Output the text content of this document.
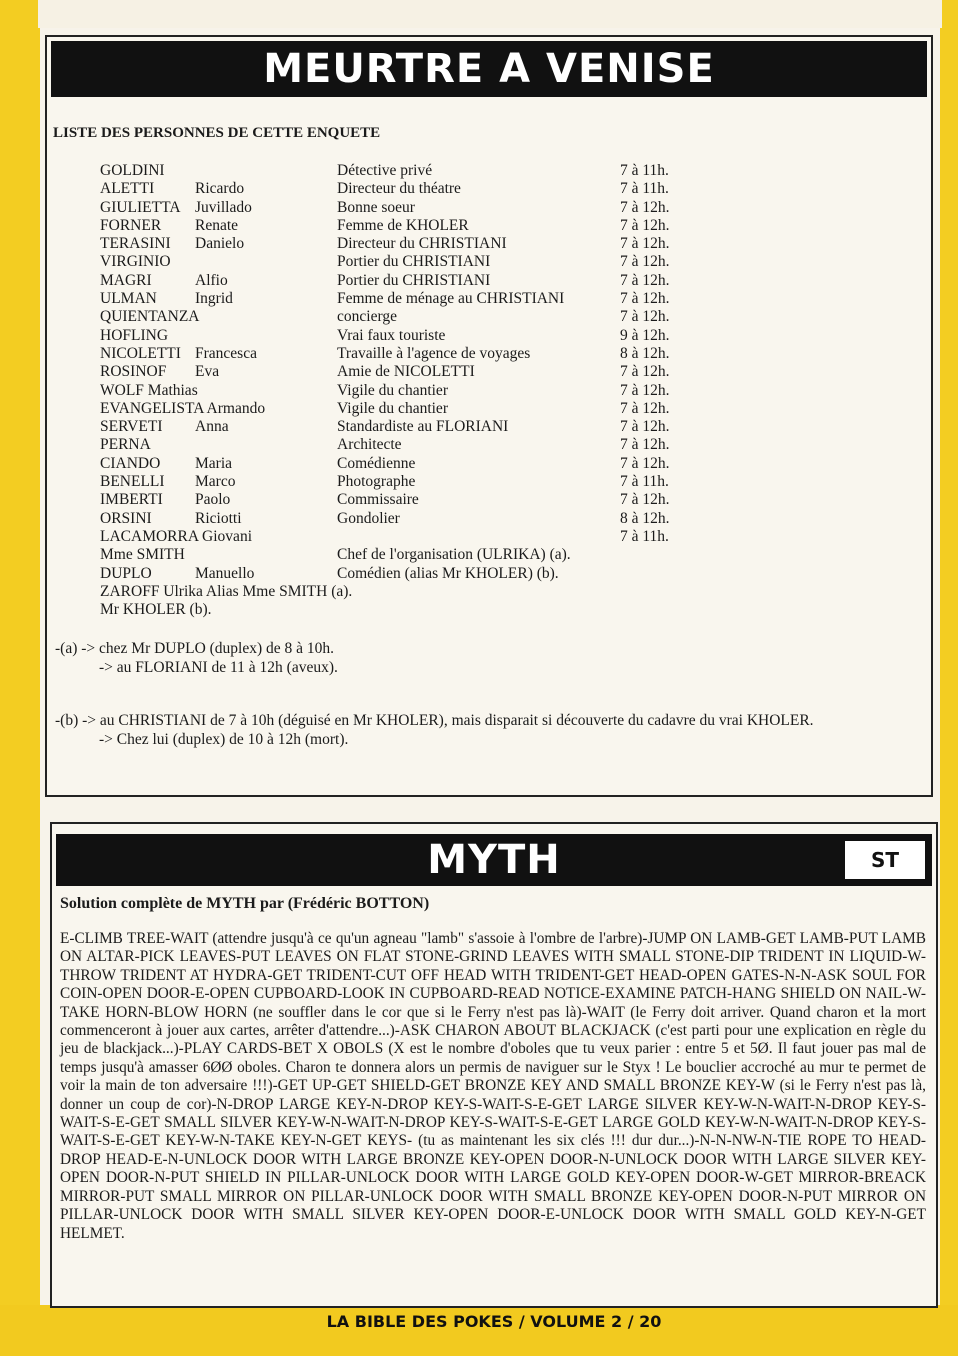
MEURTRE A VENISE
LISTE DES PERSONNES DE CETTE ENQUETE
GOLDINI	Détective privé	7 à 11h.
ALETTI	Ricardo	Directeur du théatre	7 à 11h.
GIULIETTA Juvillado	Bonne soeur	7 à 12h.
FORNER Renate	Femme de KHOLER	7 à 12h.
TERASINI Danielo	Directeur du CHRISTIANI	7 à 12h.
VIRGINIO	Portier du CHRISTIANI	7 à 12h.
MAGRI	Alfio	Portier du CHRISTIANI	7 à 12h.
ULMAN Ingrid	Femme de ménage au CHRISTIANI	7 à 12h.
QUIENTANZA	concierge	7 à 12h.
HOFLING	Vrai faux touriste	9 à 12h.
NICOLETTI Francesca	Travaille à l'agence de voyages	8 à 12h.
ROSINOF Eva	Amie de NICOLETTI	7 à 12h.
WOLF Mathias	Vigile du chantier	7 à 12h.
EVANGELISTA Armando	Vigile du chantier	7 à 12h.
SERVETI Anna	Standardiste au FLORIANI	7 à 12h.
PERNA	Architecte	7 à 12h.
CIANDO Maria	Comédienne	7 à 12h.
BENELLI Marco	Photographe	7 à 11h.
IMBERTI Paolo	Commissaire	7 à 12h.
ORSINI	Riciotti	Gondolier	8 à 12h.
LACAMORRA Giovani	7 à 11h.
Mme SMITH	Chef de l'organisation (ULRIKA) (a).
DUPLO	Manuello	Comédien (alias Mr KHOLER) (b).
ZAROFF Ulrika Alias Mme SMITH (a).
Mr KHOLER (b).
-(a) -> chez Mr DUPLO (duplex) de 8 à 10h.
-> au FLORIANI de 11 à 12h (aveux).
-(b) -> au CHRISTIANI de 7 à 10h (déguisé en Mr KHOLER), mais disparait si découverte du cadavre du vrai KHOLER.
-> Chez lui (duplex) de 10 à 12h (mort).
MYTH	ST
Solution complète de MYTH par (Frédéric BOTTON)
E-CLIMB TREE-WAIT (attendre jusqu'à ce qu'un agneau "lamb" s'assoie à l'ombre de l'arbre)-JUMP ON LAMB-GET LAMB-PUT LAMB ON ALTAR-PICK LEAVES-PUT LEAVES ON FLAT STONE-GRIND LEAVES WITH SMALL STONE-DIP TRIDENT IN LIQUID-W-THROW TRIDENT AT HYDRA-GET TRIDENT-CUT OFF HEAD WITH TRIDENT-GET HEAD-OPEN GATES-N-N-ASK SOUL FOR COIN-OPEN DOOR-E-OPEN CUPBOARD-LOOK IN CUPBOARD-READ NOTICE-EXAMINE PATCH-HANG SHIELD ON NAIL-W-TAKE HORN-BLOW HORN (ne souffler dans le cor que si le Ferry n'est pas là)-WAIT (le Ferry doit arriver. Quand charon et la mort commenceront à jouer aux cartes, arrêter d'attendre...)-ASK CHARON ABOUT BLACKJACK (c'est parti pour une explication en règle du jeu de blackjack...)-PLAY CARDS-BET X OBOLS (X est le nombre d'oboles que tu veux parier : entre 5 et 5Ø. Il faut jouer pas mal de temps jusqu'à amasser 6ØØ oboles. Charon te donnera alors un permis de naviguer sur le Styx ! Le bouclier accroché au mur te permet de voir la main de ton adversaire !!!)-GET UP-GET SHIELD-GET BRONZE KEY AND SMALL BRONZE KEY-W (si le Ferry n'est pas là, donner un coup de cor)-N-DROP LARGE KEY-N-DROP KEY-S-WAIT-S-E-GET LARGE SILVER KEY-W-N-WAIT-N-DROP KEY-S-WAIT-S-E-GET SMALL SILVER KEY-W-N-WAIT-N-DROP KEY-S-WAIT-S-E-GET LARGE GOLD KEY-W-N-WAIT-N-DROP KEY-S-WAIT-S-E-GET KEY-W-N-TAKE KEY-N-GET KEYS- (tu as maintenant les six clés !!! dur dur...)-N-N-NW-N-TIE ROPE TO HEAD-DROP HEAD-E-N-UNLOCK DOOR WITH LARGE BRONZE KEY-OPEN DOOR-N-UNLOCK DOOR WITH LARGE SILVER KEY-OPEN DOOR-N-PUT SHIELD IN PILLAR-UNLOCK DOOR WITH LARGE GOLD KEY-OPEN DOOR-W-GET MIRROR-BREACK MIRROR-PUT SMALL MIRROR ON PILLAR-UNLOCK DOOR WITH SMALL BRONZE KEY-OPEN DOOR-N-PUT MIRROR ON PILLAR-UNLOCK DOOR WITH SMALL SILVER KEY-OPEN DOOR-E-UNLOCK DOOR WITH SMALL GOLD KEY-N-GET HELMET.
LA BIBLE DES POKES / VOLUME 2 / 20
